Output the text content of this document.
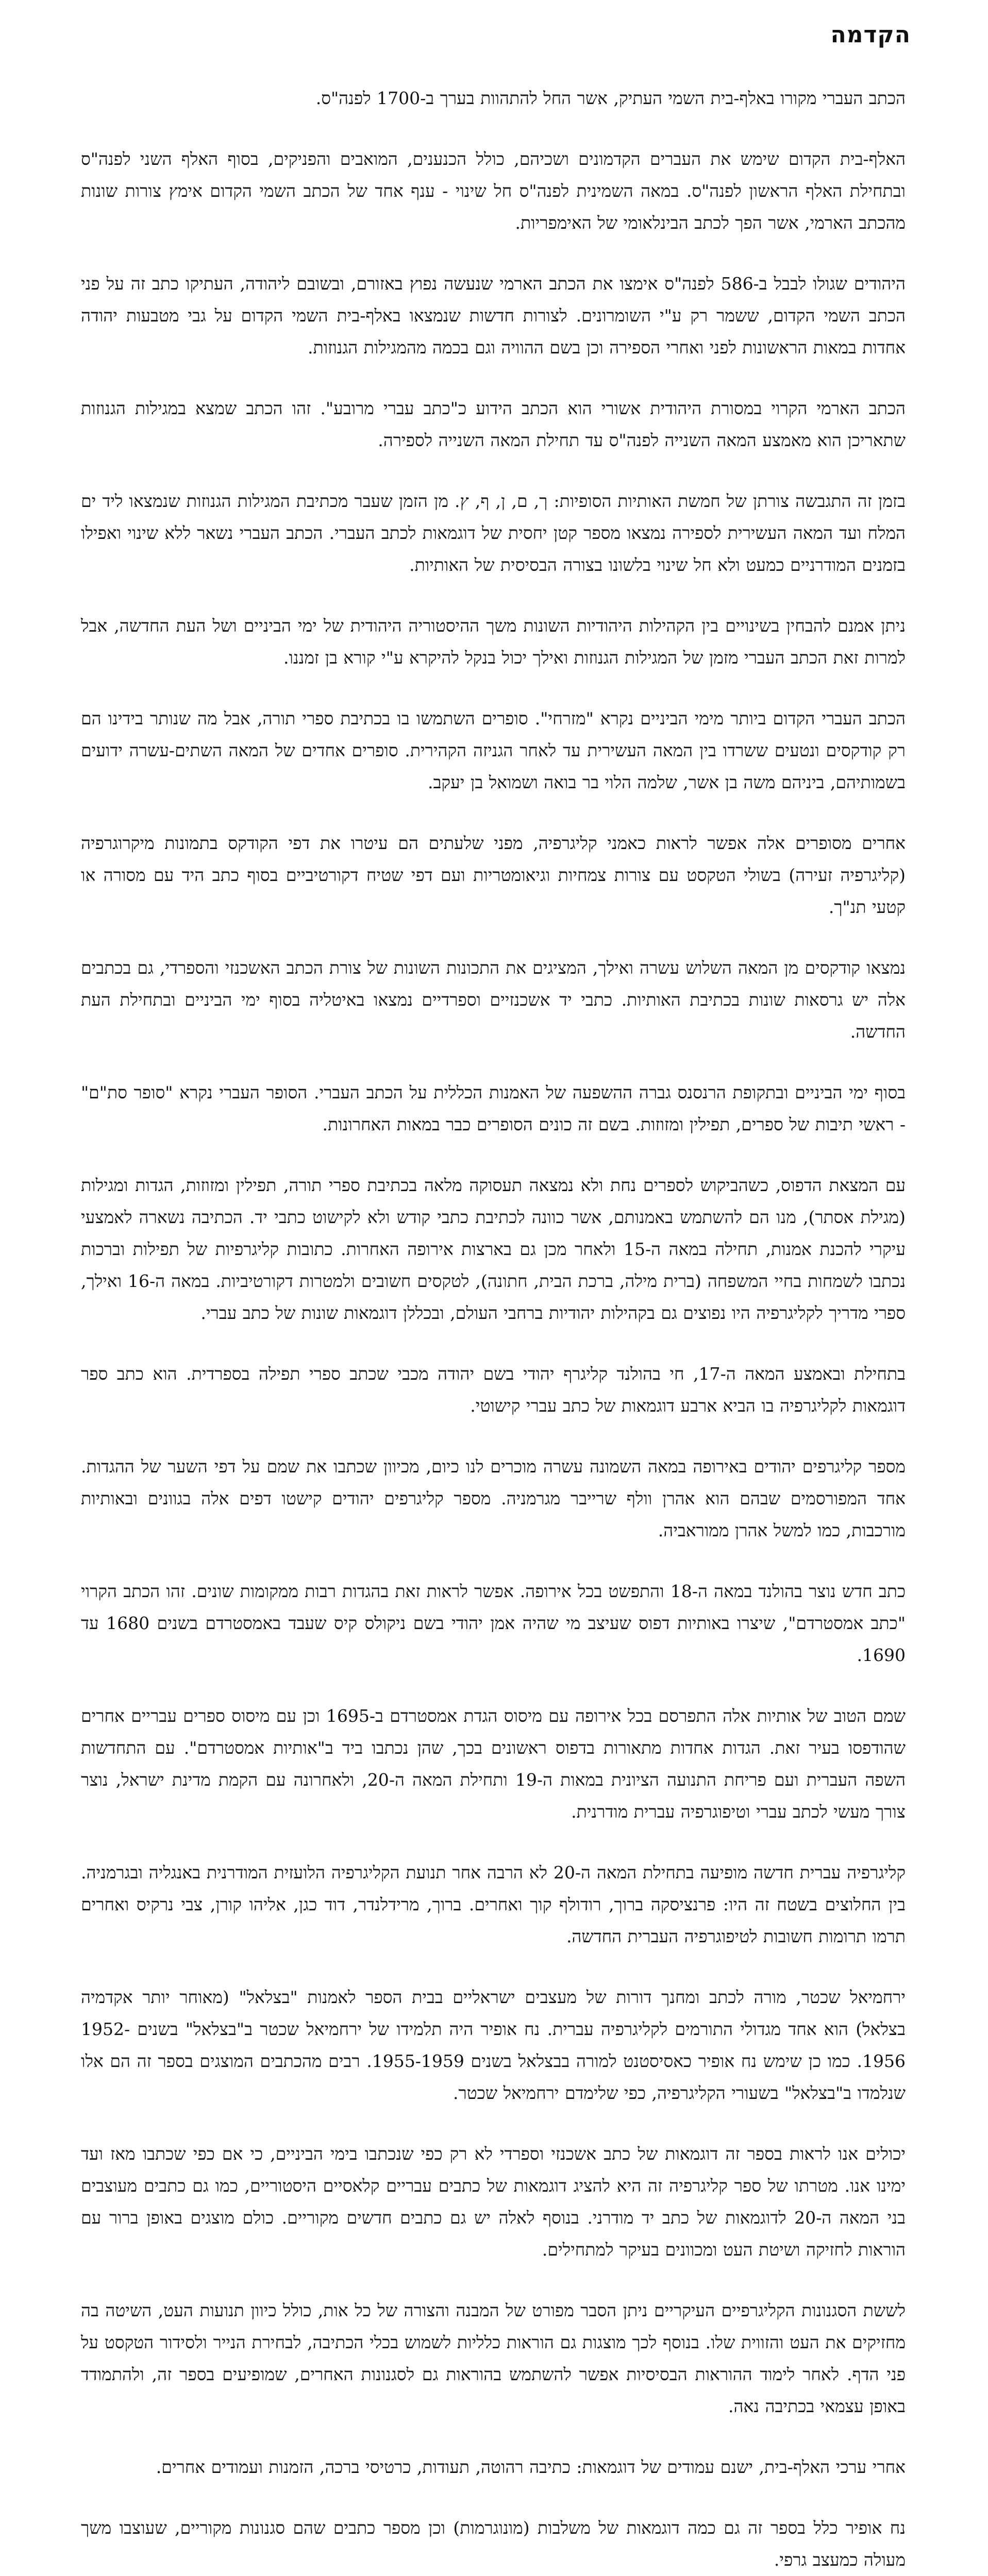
הקדמה

הכתב העברי מקורו באלף-בית השמי העתיק, אשר החל להתהוות בערך ב-1700 לפנה"ס.

האלף-בית הקדום שימש את העברים הקדמונים ושכיהם, כולל הכנענים, המואבים והפניקים, בסוף האלף השני לפנה"ס ובתחילת האלף הראשון לפנה"ס. במאה השמינית לפנה"ס חל שינוי - ענף אחד של הכתב השמי הקדום אימץ צורות שונות מהכתב הארמי, אשר הפך לכתב הבינלאומי של האימפריות.

היהודים שגולו לבבל ב-586 לפנה"ס אימצו את הכתב הארמי שנעשה נפוץ באזורם, ובשובם ליהודה, העתיקו כתב זה על פני הכתב השמי הקדום, ששמר רק ע"י השומרונים. לצורות חדשות שנמצאו באלף-בית השמי הקדום על גבי מטבעות יהודה אחדות במאות הראשונות לפני ואחרי הספירה וכן בשם ההוויה וגם בכמה מהמגילות הגנוזות.

הכתב הארמי הקרוי במסורת היהודית אשורי הוא הכתב הידוע כ"כתב עברי מרובע". זהו הכתב שמצא במגילות הגנוזות שתאריכן הוא מאמצע המאה השנייה לפנה"ס עד תחילת המאה השנייה לספירה.

בזמן זה התגבשה צורתן של חמשת האותיות הסופיות: ך, ם, ן, ף, ץ. מן הזמן שעבר מכתיבת המגילות הגנוזות שנמצאו ליד ים המלח ועד המאה העשירית לספירה נמצאו מספר קטן יחסית של דוגמאות לכתב העברי. הכתב העברי נשאר ללא שינוי ואפילו בזמנים המודרניים כמעט ולא חל שינוי בלשונו בצורה הבסיסית של האותיות.

ניתן אמנם להבחין בשינויים בין הקהילות היהודיות השונות משך ההיסטוריה היהודית של ימי הביניים ושל העת החדשה, אבל למרות זאת הכתב העברי מזמן של המגילות הגנוזות ואילך יכול בנקל להיקרא ע"י קורא בן זמננו.

הכתב העברי הקדום ביותר מימי הביניים נקרא "מזרחי". סופרים השתמשו בו בכתיבת ספרי תורה, אבל מה שנותר בידינו הם רק קודקסים ונטעים ששרדו בין המאה העשירית עד לאחר הגניזה הקהירית. סופרים אחדים של המאה השתים-עשרה ידועים בשמותיהם, ביניהם משה בן אשר, שלמה הלוי בר בואה ושמואל בן יעקב.

אחרים מסופרים אלה אפשר לראות כאמני קליגרפיה, מפני שלעתים הם עיטרו את דפי הקודקס בתמונות מיקרוגרפיה (קליגרפיה זעירה) בשולי הטקסט עם צורות צמחיות וגיאומטריות ועם דפי שטיח דקורטיביים בסוף כתב היד עם מסורה או קטעי תנ"ך.

נמצאו קודקסים מן המאה השלוש עשרה ואילך, המציגים את התכונות השונות של צורת הכתב האשכנזי והספרדי, גם בכתבים אלה יש גרסאות שונות בכתיבת האותיות. כתבי יד אשכנזיים וספרדיים נמצאו באיטליה בסוף ימי הביניים ובתחילת העת החדשה.

בסוף ימי הביניים ובתקופת הרנסנס גברה ההשפעה של האמנות הכללית על הכתב העברי. הסופר העברי נקרא "סופר סת"ם" - ראשי תיבות של ספרים, תפילין ומזוזות. בשם זה כונים הסופרים כבר במאות האחרונות.

עם המצאת הדפוס, כשהביקוש לספרים נחת ולא נמצאה תעסוקה מלאה בכתיבת ספרי תורה, תפילין ומזוזות, הגדות ומגילות (מגילת אסתר), מנו הם להשתמש באמנותם, אשר כוונה לכתיבת כתבי קודש ולא לקישוט כתבי יד. הכתיבה נשארה לאמצעי עיקרי להכנת אמנות, תחילה במאה ה-15 ולאחר מכן גם בארצות אירופה האחרות. כתובות קליגרפיות של תפילות וברכות נכתבו לשמחות בחיי המשפחה (ברית מילה, ברכת הבית, חתונה), לטקסים חשובים ולמטרות דקורטיביות. במאה ה-16 ואילך, ספרי מדריך לקליגרפיה היו נפוצים גם בקהילות יהודיות ברחבי העולם, ובכללן דוגמאות שונות של כתב עברי.

בתחילת ובאמצע המאה ה-17, חי בהולנד קליגרף יהודי בשם יהודה מכבי שכתב ספרי תפילה בספרדית. הוא כתב ספר דוגמאות לקליגרפיה בו הביא ארבע דוגמאות של כתב עברי קישוטי.

מספר קליגרפים יהודים באירופה במאה השמונה עשרה מוכרים לנו כיום, מכיוון שכתבו את שמם על דפי השער של ההגדות. אחד המפורסמים שבהם הוא אהרן וולף שרייבר מגרמניה. מספר קליגרפים יהודים קישטו דפים אלה בגוונים ובאותיות מורכבות, כמו למשל אהרן ממוראביה.

כתב חדש נוצר בהולנד במאה ה-18 והתפשט בכל אירופה. אפשר לראות זאת בהגדות רבות ממקומות שונים. זהו הכתב הקרוי "כתב אמסטרדם", שיצרו באותיות דפוס שעיצב מי שהיה אמן יהודי בשם ניקולס קיס שעבד באמסטרדם בשנים 1680 עד 1690.

שמם הטוב של אותיות אלה התפרסם בכל אירופה עם מיסוס הגדת אמסטרדם ב-1695 וכן עם מיסוס ספרים עבריים אחרים שהודפסו בעיר זאת. הגדות אחדות מתאורות בדפוס ראשונים בכך, שהן נכתבו ביד ב"אותיות אמסטרדם". עם התחדשות השפה העברית ועם פריחת התנועה הציונית במאות ה-19 ותחילת המאה ה-20, ולאחרונה עם הקמת מדינת ישראל, נוצר צורך מעשי לכתב עברי וטיפוגרפיה עברית מודרנית.

קליגרפיה עברית חדשה מופיעה בתחילת המאה ה-20 לא הרבה אחר תנועת הקליגרפיה הלועזית המודרנית באנגליה ובגרמניה. בין החלוצים בשטח זה היו: פרנציסקה ברוך, רודולף קוך ואחרים. ברוך, מרידלנדר, דוד כגן, אליהו קורן, צבי נרקיס ואחרים תרמו תרומות חשובות לטיפוגרפיה העברית החדשה.

ירחמיאל שכטר, מורה לכתב ומחנך דורות של מעצבים ישראליים בבית הספר לאמנות "בצלאל" (מאוחר יותר אקדמיה בצלאל) הוא אחד מגדולי התורמים לקליגרפיה עברית. נח אופיר היה תלמידו של ירחמיאל שכטר ב"בצלאל" בשנים 1952-1956. כמו כן שימש נח אופיר כאסיסטנט למורה בבצלאל בשנים 1955-1959. רבים מהכתבים המוצגים בספר זה הם אלו שנלמדו ב"בצלאל" בשעורי הקליגרפיה, כפי שלימדם ירחמיאל שכטר.

יכולים אנו לראות בספר זה דוגמאות של כתב אשכנזי וספרדי לא רק כפי שנכתבו בימי הביניים, כי אם כפי שכתבו מאז ועד ימינו אנו. מטרתו של ספר קליגרפיה זה היא להציג דוגמאות של כתבים עבריים קלאסיים היסטוריים, כמו גם כתבים מעוצבים בני המאה ה-20 לדוגמאות של כתב יד מודרני. בנוסף לאלה יש גם כתבים חדשים מקוריים. כולם מוצגים באופן ברור עם הוראות לחזיקה ושיטת העט ומכוונים בעיקר למתחילים.

לששת הסגנונות הקליגרפיים העיקריים ניתן הסבר מפורט של המבנה והצורה של כל אות, כולל כיוון תנועות העט, השיטה בה מחזיקים את העט והזווית שלו. בנוסף לכך מוצגות גם הוראות כלליות לשמוש בכלי הכתיבה, לבחירת הנייר ולסידור הטקסט על פני הדף. לאחר לימוד ההוראות הבסיסיות אפשר להשתמש בהוראות גם לסגנונות האחרים, שמופיעים בספר זה, ולהתמודד באופן עצמאי בכתיבה נאה.

אחרי ערכי האלף-בית, ישנם עמודים של דוגמאות: כתיבה רהוטה, תעודות, כרטיסי ברכה, הזמנות ועמודים אחרים.

נח אופיר כלל בספר זה גם כמה דוגמאות של משלבות (מונוגרמות) וכן מספר כתבים שהם סגנונות מקוריים, שעוצבו משך מעולה כמעצב גרפי.
